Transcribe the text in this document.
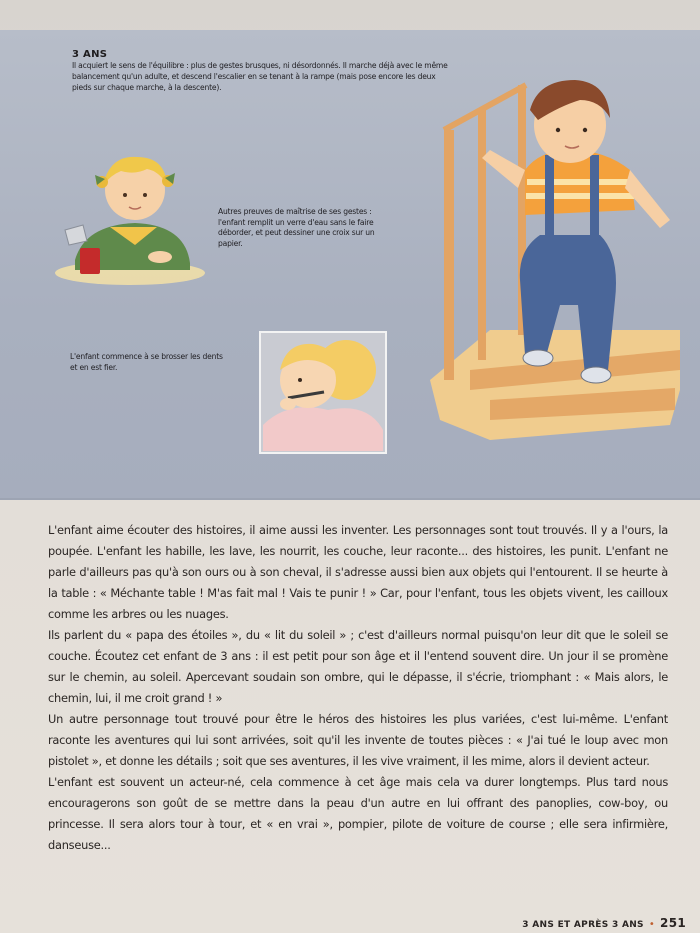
3 ANS
Il acquiert le sens de l'équilibre : plus de gestes brusques, ni désordonnés. Il marche déjà avec le même balancement qu'un adulte, et descend l'escalier en se tenant à la rampe (mais pose encore les deux pieds sur chaque marche, à la descente).
Autres preuves de maîtrise de ses gestes : l'enfant remplit un verre d'eau sans le faire déborder, et peut dessiner une croix sur un papier.
L'enfant commence à se brosser les dents et en est fier.

L'enfant aime écouter des histoires, il aime aussi les inventer. Les personnages sont tout trouvés. Il y a l'ours, la poupée. L'enfant les habille, les lave, les nourrit, les couche, leur raconte... des histoires, les punit. L'enfant ne parle d'ailleurs pas qu'à son ours ou à son cheval, il s'adresse aussi bien aux objets qui l'entourent. Il se heurte à la table : « Méchante table ! M'as fait mal ! Vais te punir ! » Car, pour l'enfant, tous les objets vivent, les cailloux comme les arbres ou les nuages.

Ils parlent du « papa des étoiles », du « lit du soleil » ; c'est d'ailleurs normal puisqu'on leur dit que le soleil se couche. Écoutez cet enfant de 3 ans : il est petit pour son âge et il l'entend souvent dire. Un jour il se promène sur le chemin, au soleil. Apercevant soudain son ombre, qui le dépasse, il s'écrie, triomphant : « Mais alors, le chemin, lui, il me croit grand ! »

Un autre personnage tout trouvé pour être le héros des histoires les plus variées, c'est lui-même. L'enfant raconte les aventures qui lui sont arrivées, soit qu'il les invente de toutes pièces : « J'ai tué le loup avec mon pistolet », et donne les détails ; soit que ses aventures, il les vive vraiment, il les mime, alors il devient acteur.

L'enfant est souvent un acteur-né, cela commence à cet âge mais cela va durer longtemps. Plus tard nous encouragerons son goût de se mettre dans la peau d'un autre en lui offrant des panoplies, cow-boy, ou princesse. Il sera alors tour à tour, et « en vrai », pompier, pilote de voiture de course ; elle sera infirmière, danseuse...

3 ANS ET APRÈS 3 ANS • 251
